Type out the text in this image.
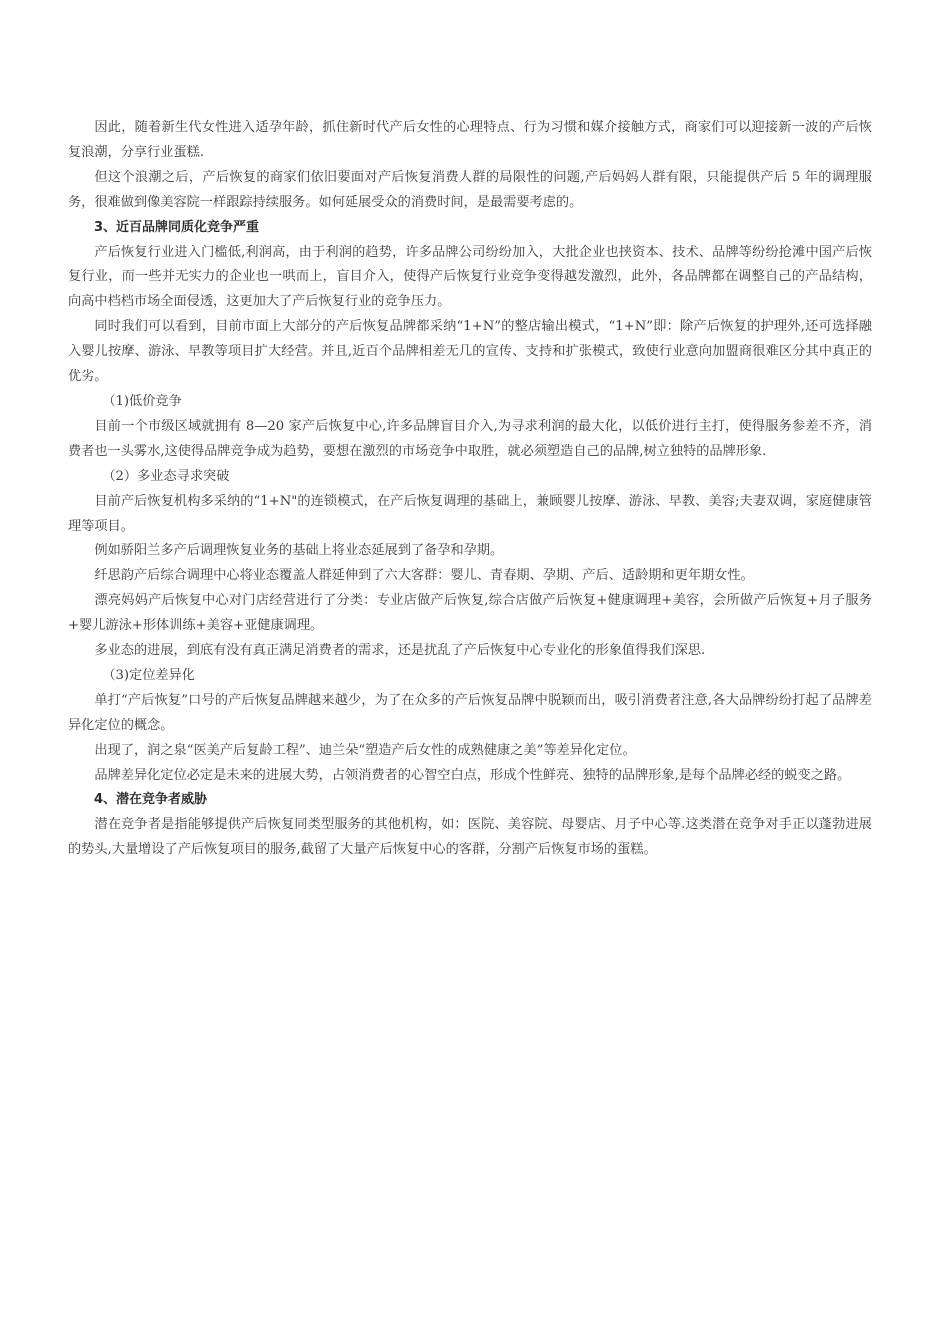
因此，随着新生代女性进入适孕年龄，抓住新时代产后女性的心理特点、行为习惯和媒介接触方式，商家们可以迎接新一波的产后恢复浪潮，分享行业蛋糕.

但这个浪潮之后，产后恢复的商家们依旧要面对产后恢复消费人群的局限性的问题,产后妈妈人群有限，只能提供产后 5 年的调理服务，很难做到像美容院一样跟踪持续服务。如何延展受众的消费时间，是最需要考虑的。

3、近百品牌同质化竞争严重

产后恢复行业进入门槛低,利润高，由于利润的趋势，许多品牌公司纷纷加入，大批企业也挟资本、技术、品牌等纷纷抢滩中国产后恢复行业，而一些并无实力的企业也一哄而上，盲目介入，使得产后恢复行业竞争变得越发激烈，此外，各品牌都在调整自己的产品结构，向高中档档市场全面侵透，这更加大了产后恢复行业的竞争压力。

同时我们可以看到，目前市面上大部分的产后恢复品牌都采纳“1+N”的整店输出模式，“1+N”即：除产后恢复的护理外,还可选择融入婴儿按摩、游泳、早教等项目扩大经营。并且,近百个品牌相差无几的宣传、支持和扩张模式，致使行业意向加盟商很难区分其中真正的优劣。

（1)低价竞争

目前一个市级区域就拥有 8—20 家产后恢复中心,许多品牌盲目介入,为寻求利润的最大化，以低价进行主打，使得服务参差不齐，消费者也一头雾水,这使得品牌竞争成为趋势，要想在激烈的市场竞争中取胜，就必须塑造自己的品牌,树立独特的品牌形象.

（2）多业态寻求突破

目前产后恢复机构多采纳的“1+N"的连锁模式，在产后恢复调理的基础上，兼顾婴儿按摩、游泳、早教、美容;夫妻双调，家庭健康管理等项目。

例如骄阳兰多产后调理恢复业务的基础上将业态延展到了备孕和孕期。

纤思韵产后综合调理中心将业态覆盖人群延伸到了六大客群：婴儿、青春期、孕期、产后、适龄期和更年期女性。

漂亮妈妈产后恢复中心对门店经营进行了分类：专业店做产后恢复,综合店做产后恢复+健康调理+美容，会所做产后恢复+月子服务+婴儿游泳+形体训练+美容+亚健康调理。

多业态的进展，到底有没有真正满足消费者的需求，还是扰乱了产后恢复中心专业化的形象值得我们深思.

（3)定位差异化

单打“产后恢复”口号的产后恢复品牌越来越少，为了在众多的产后恢复品牌中脱颖而出，吸引消费者注意,各大品牌纷纷打起了品牌差异化定位的概念。

出现了，润之泉“医美产后复龄工程”、迪兰朵“塑造产后女性的成熟健康之美”等差异化定位。

品牌差异化定位必定是未来的进展大势，占领消费者的心智空白点，形成个性鲜亮、独特的品牌形象,是每个品牌必经的蜕变之路。

4、潜在竞争者威胁

潜在竞争者是指能够提供产后恢复同类型服务的其他机构，如：医院、美容院、母婴店、月子中心等.这类潜在竞争对手正以蓬勃进展的势头,大量增设了产后恢复项目的服务,截留了大量产后恢复中心的客群，分割产后恢复市场的蛋糕。
